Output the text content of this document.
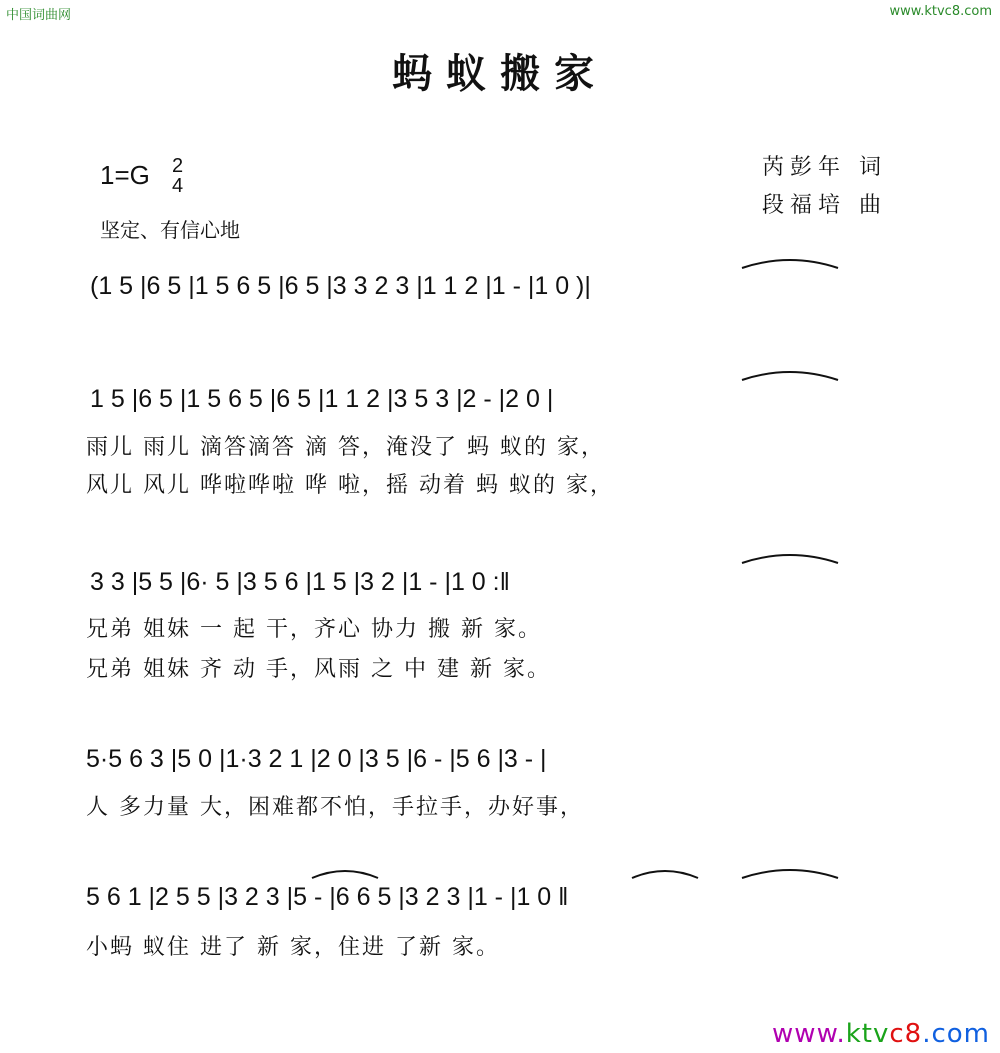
中国词曲网	www.ktvc8.com
蚂蚁搬家
芮彭年 词
段福培 曲
1=G 2
4
坚定、有信心地
(1 5 |6 5 |1 5 6 5 |6 5 |3 3 2 3 |1 1 2 |1 - |1 0 )|
1 5 |6 5 |1 5 6 5 |6 5 |1 1 2 |3 5 3 |2 - |2 0 |
雨儿 雨儿 滴答滴答 滴 答，淹没了 蚂 蚁的 家，
风儿 风儿 哗啦哗啦 哗 啦，摇 动着 蚂 蚁的 家，
3 3 |5 5 |6· 5 |3 5 6 |1 5 |3 2 |1 - |1 0 :‖
兄弟 姐妹 一 起 干，齐心 协力 搬 新 家。
兄弟 姐妹 齐 动 手，风雨 之 中 建 新 家。
5·5 6 3 |5 0 |1·3 2 1 |2 0 |3 5 |6 - |5 6 |3 - |
人 多力量 大，困难都不怕，手拉手，办好事，
5 6 1 |2 5 5 |3 2 3 |5 - |6 6 5 |3 2 3 |1 - |1 0 ‖
小蚂 蚁住 进了 新 家，住进 了新 家。
www.ktvc8.com
